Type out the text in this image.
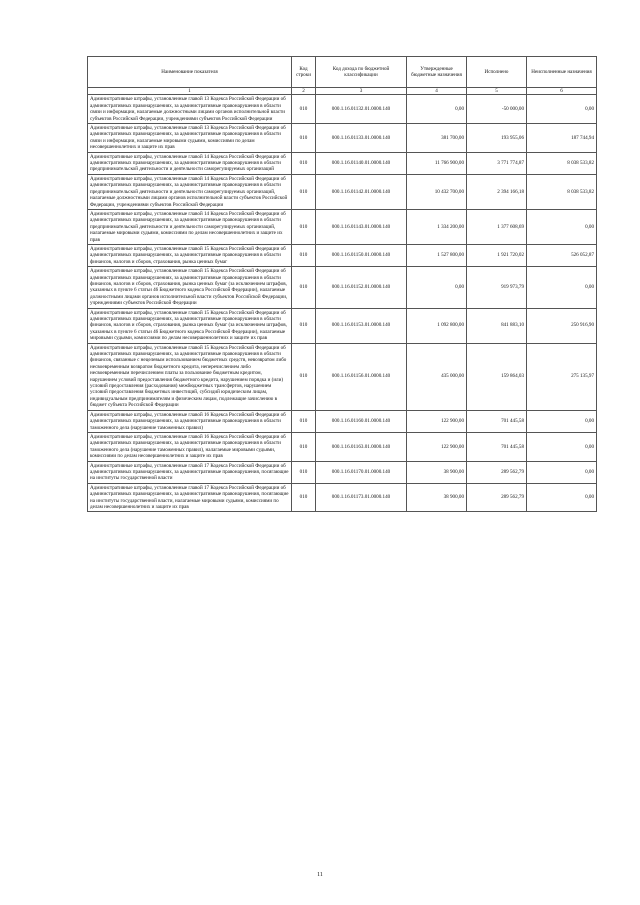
Наименование показателя	Код строки	Код дохода по бюджетной классификации	Утвержденные бюджетные назначения	Исполнено	Неисполненные назначения
1	2	3	4	5	6
Административные штрафы, установленные главой 13 Кодекса Российской Федерации об административных правонарушениях, за административные правонарушения в области связи и информации, налагаемые должностными лицами органов исполнительной власти субъектов Российской Федерации, учреждениями субъектов Российской Федерации	010	000.1.16.01132.01.0000.140	0,00	-50 000,00	0,00
Административные штрафы, установленные главой 13 Кодекса Российской Федерации об административных правонарушениях, за административные правонарушения в области связи и информации, налагаемые мировыми судьями, комиссиями по делам несовершеннолетних и защите их прав	010	000.1.16.01133.01.0000.140	381 700,00	193 955,06	187 744,94
Административные штрафы, установленные главой 14 Кодекса Российской Федерации об административных правонарушениях, за административные правонарушения в области предпринимательской деятельности и деятельности саморегулируемых организаций	010	000.1.16.01140.01.0000.140	11 766 900,00	3 771 774,87	8 038 533,82
Административные штрафы, установленные главой 14 Кодекса Российской Федерации об административных правонарушениях, за административные правонарушения в области предпринимательской деятельности и деятельности саморегулируемых организаций, налагаемые должностными лицами органов исполнительной власти субъектов Российской Федерации, учреждениями субъектов Российской Федерации	010	000.1.16.01142.01.0000.140	10 432 700,00	2 394 166,18	8 038 533,82
Административные штрафы, установленные главой 14 Кодекса Российской Федерации об административных правонарушениях, за административные правонарушения в области предпринимательской деятельности и деятельности саморегулируемых организаций, налагаемые мировыми судьями, комиссиями по делам несовершеннолетних и защите их прав	010	000.1.16.01143.01.0000.140	1 334 200,00	1 377 608,69	0,00
Административные штрафы, установленные главой 15 Кодекса Российской Федерации об административных правонарушениях, за административные правонарушения в области финансов, налогов и сборов, страхования, рынка ценных бумаг	010	000.1.16.01150.01.0000.140	1 527 800,00	1 921 720,02	526 052,87
Административные штрафы, установленные главой 15 Кодекса Российской Федерации об административных правонарушениях, за административные правонарушения в области финансов, налогов и сборов, страхования, рынка ценных бумаг (за исключением штрафов, указанных в пункте 6 статьи 46 Бюджетного кодекса Российской Федерации), налагаемые должностными лицами органов исполнительной власти субъектов Российской Федерации, учреждениями субъектов Российской Федерации	010	000.1.16.01152.01.0000.140	0,00	919 973,79	0,00
Административные штрафы, установленные главой 15 Кодекса Российской Федерации об административных правонарушениях, за административные правонарушения в области финансов, налогов и сборов, страхования, рынка ценных бумаг (за исключением штрафов, указанных в пункте 6 статьи 46 Бюджетного кодекса Российской Федерации), налагаемые мировыми судьями, комиссиями по делам несовершеннолетних и защите их прав	010	000.1.16.01153.01.0000.140	1 092 800,00	841 883,10	250 916,90
Административные штрафы, установленные главой 15 Кодекса Российской Федерации об административных правонарушениях, за административные правонарушения в области финансов, связанные с нецелевым использованием бюджетных средств, невозвратом либо несвоевременным возвратом бюджетного кредита, неперечислением либо несвоевременным перечислением платы за пользование бюджетным кредитом, нарушением условий предоставления бюджетного кредита, нарушением порядка и (или) условий предоставления (расходования) межбюджетных трансфертов, нарушением условий предоставления бюджетных инвестиций, субсидий юридическим лицам, индивидуальным предпринимателям и физическим лицам, подлежащие зачислению в бюджет субъекта Российской Федерации	010	000.1.16.01156.01.0000.140	435 000,00	159 864,03	275 135,97
Административные штрафы, установленные главой 16 Кодекса Российской Федерации об административных правонарушениях, за административные правонарушения в области таможенного дела (нарушение таможенных правил)	010	000.1.16.01160.01.0000.140	122 900,00	701 445,58	0,00
Административные штрафы, установленные главой 16 Кодекса Российской Федерации об административных правонарушениях, за административные правонарушения в области таможенного дела (нарушение таможенных правил), налагаемые мировыми судьями, комиссиями по делам несовершеннолетних и защите их прав	010	000.1.16.01163.01.0000.140	122 900,00	701 445,58	0,00
Административные штрафы, установленные главой 17 Кодекса Российской Федерации об административных правонарушениях, за административные правонарушения, посягающие на институты государственной власти	010	000.1.16.01170.01.0000.140	38 900,00	289 562,79	0,00
Административные штрафы, установленные главой 17 Кодекса Российской Федерации об административных правонарушениях, за административные правонарушения, посягающие на институты государственной власти, налагаемые мировыми судьями, комиссиями по делам несовершеннолетних и защите их прав	010	000.1.16.01173.01.0000.140	38 900,00	289 562,79	0,00
11
